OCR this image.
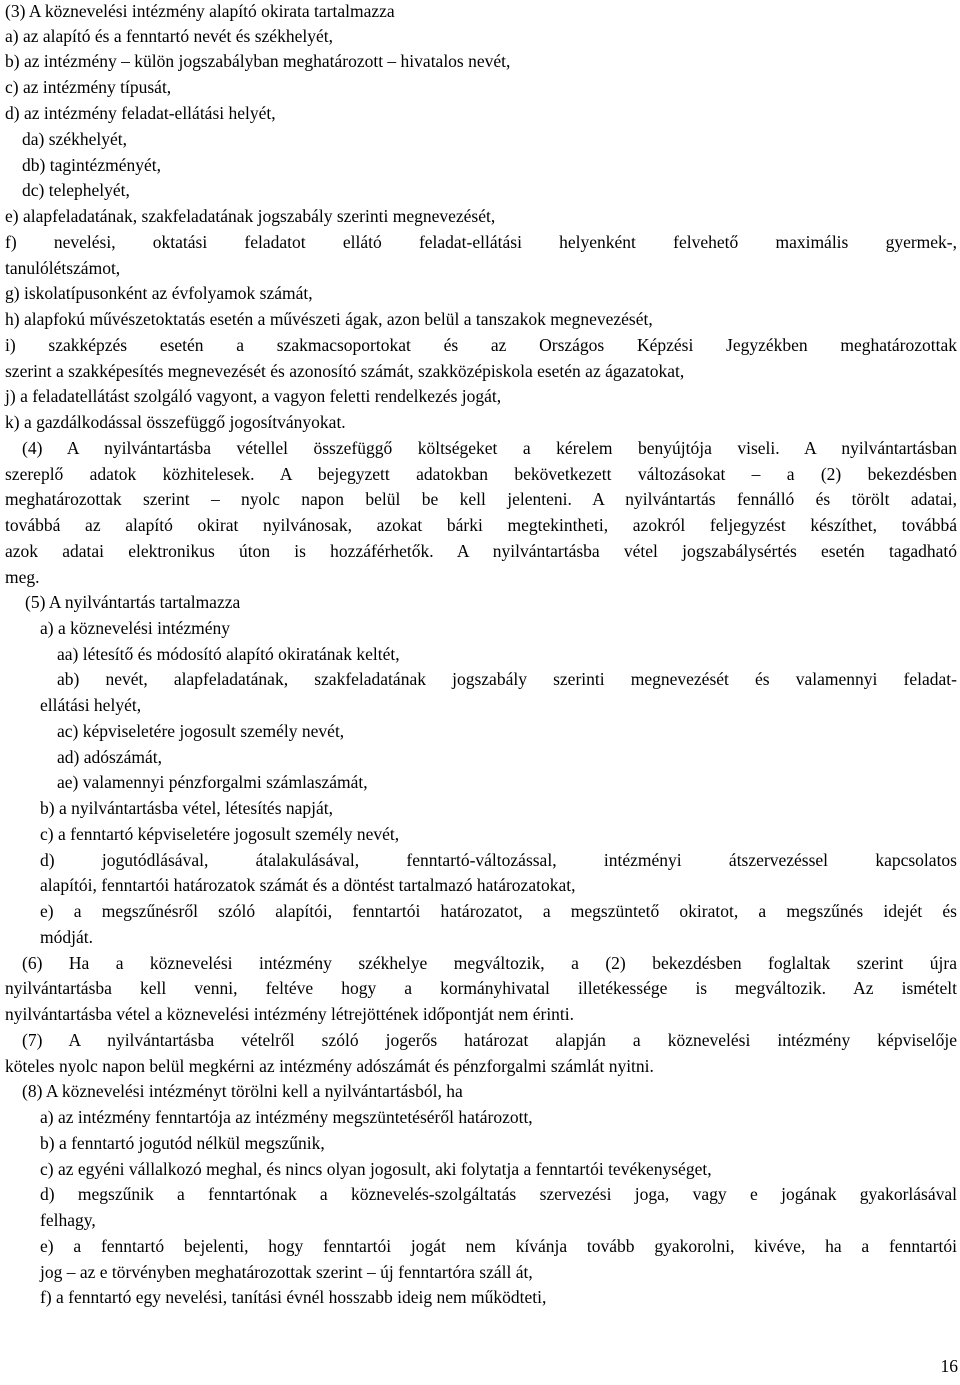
(3) A köznevelési intézmény alapító okirata tartalmazza

a) az alapító és a fenntartó nevét és székhelyét,

b) az intézmény – külön jogszabályban meghatározott – hivatalos nevét,

c) az intézmény típusát,

d) az intézmény feladat-ellátási helyét,

da) székhelyét,

db) tagintézményét,

dc) telephelyét,

e) alapfeladatának, szakfeladatának jogszabály szerinti megnevezését,

f) nevelési, oktatási feladatot ellátó feladat-ellátási helyenként felvehető maximális gyermek-,

tanulólétszámot,

g) iskolatípusonként az évfolyamok számát,

h) alapfokú művészetoktatás esetén a művészeti ágak, azon belül a tanszakok megnevezését,

i) szakképzés esetén a szakmacsoportokat és az Országos Képzési Jegyzékben meghatározottak

szerint a szakképesítés megnevezését és azonosító számát, szakközépiskola esetén az ágazatokat,

j) a feladatellátást szolgáló vagyont, a vagyon feletti rendelkezés jogát,

k) a gazdálkodással összefüggő jogosítványokat.

(4) A nyilvántartásba vétellel összefüggő költségeket a kérelem benyújtója viseli. A nyilvántartásban

szereplő adatok közhitelesek. A bejegyzett adatokban bekövetkezett változásokat – a (2) bekezdésben

meghatározottak szerint – nyolc napon belül be kell jelenteni. A nyilvántartás fennálló és törölt adatai,

továbbá az alapító okirat nyilvánosak, azokat bárki megtekintheti, azokról feljegyzést készíthet, továbbá

azok adatai elektronikus úton is hozzáférhetők. A nyilvántartásba vétel jogszabálysértés esetén tagadható

meg.

(5) A nyilvántartás tartalmazza

a) a köznevelési intézmény

aa) létesítő és módosító alapító okiratának keltét,

ab) nevét, alapfeladatának, szakfeladatának jogszabály szerinti megnevezését és valamennyi feladat-

ellátási helyét,

ac) képviseletére jogosult személy nevét,

ad) adószámát,

ae) valamennyi pénzforgalmi számlaszámát,

b) a nyilvántartásba vétel, létesítés napját,

c) a fenntartó képviseletére jogosult személy nevét,

d) jogutódlásával, átalakulásával, fenntartó-változással, intézményi átszervezéssel kapcsolatos

alapítói, fenntartói határozatok számát és a döntést tartalmazó határozatokat,

e) a megszűnésről szóló alapítói, fenntartói határozatot, a megszüntető okiratot, a megszűnés idejét és

módját.

(6) Ha a köznevelési intézmény székhelye megváltozik, a (2) bekezdésben foglaltak szerint újra

nyilvántartásba kell venni, feltéve hogy a kormányhivatal illetékessége is megváltozik. Az ismételt

nyilvántartásba vétel a köznevelési intézmény létrejöttének időpontját nem érinti.

(7) A nyilvántartásba vételről szóló jogerős határozat alapján a köznevelési intézmény képviselője

köteles nyolc napon belül megkérni az intézmény adószámát és pénzforgalmi számlát nyitni.

(8) A köznevelési intézményt törölni kell a nyilvántartásból, ha

a) az intézmény fenntartója az intézmény megszüntetéséről határozott,

b) a fenntartó jogutód nélkül megszűnik,

c) az egyéni vállalkozó meghal, és nincs olyan jogosult, aki folytatja a fenntartói tevékenységet,

d) megszűnik a fenntartónak a köznevelés-szolgáltatás szervezési joga, vagy e jogának gyakorlásával

felhagy,

e) a fenntartó bejelenti, hogy fenntartói jogát nem kívánja tovább gyakorolni, kivéve, ha a fenntartói

jog – az e törvényben meghatározottak szerint – új fenntartóra száll át,

f) a fenntartó egy nevelési, tanítási évnél hosszabb ideig nem működteti,

16
